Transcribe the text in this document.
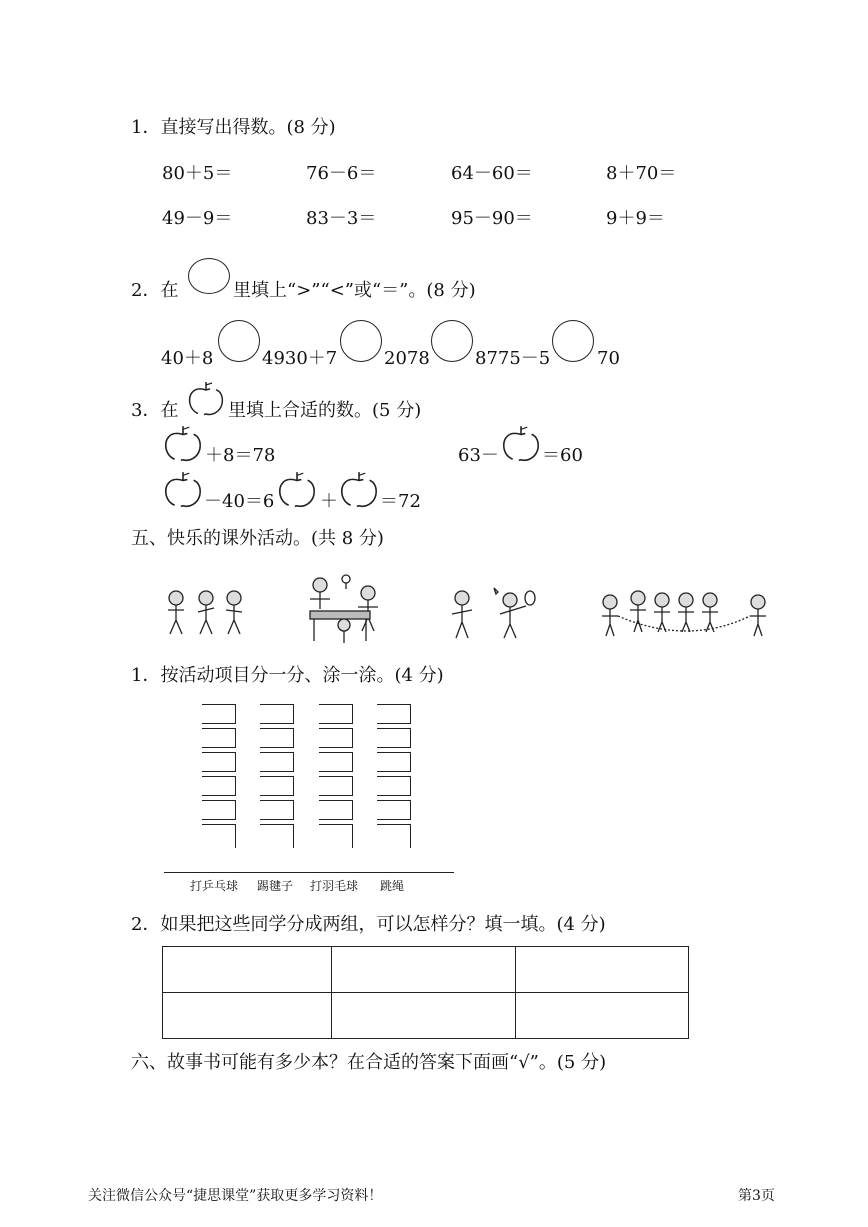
1．直接写出得数。(8 分)
80＋5＝	76－6＝	64－60＝	8＋70＝
49－9＝	83－3＝	95－90＝	9＋9＝
2．在	里填上“>”“<”或“＝”。(8 分)
40＋8	4930＋7	2078	8775－5	70
3．在	里填上合适的数。(5 分)
＋8＝78	63－ ＝60
－40＝6	＋ ＝72
五、快乐的课外活动。(共 8 分)
1．按活动项目分一分、涂一涂。(4 分)
打乒乓球 踢毽子 打羽毛球 跳绳
2．如果把这些同学分成两组，可以怎样分？填一填。(4 分)

六、故事书可能有多少本？在合适的答案下面画“√”。(5 分)
关注微信公众号“捷思课堂”获取更多学习资料！	第3页
